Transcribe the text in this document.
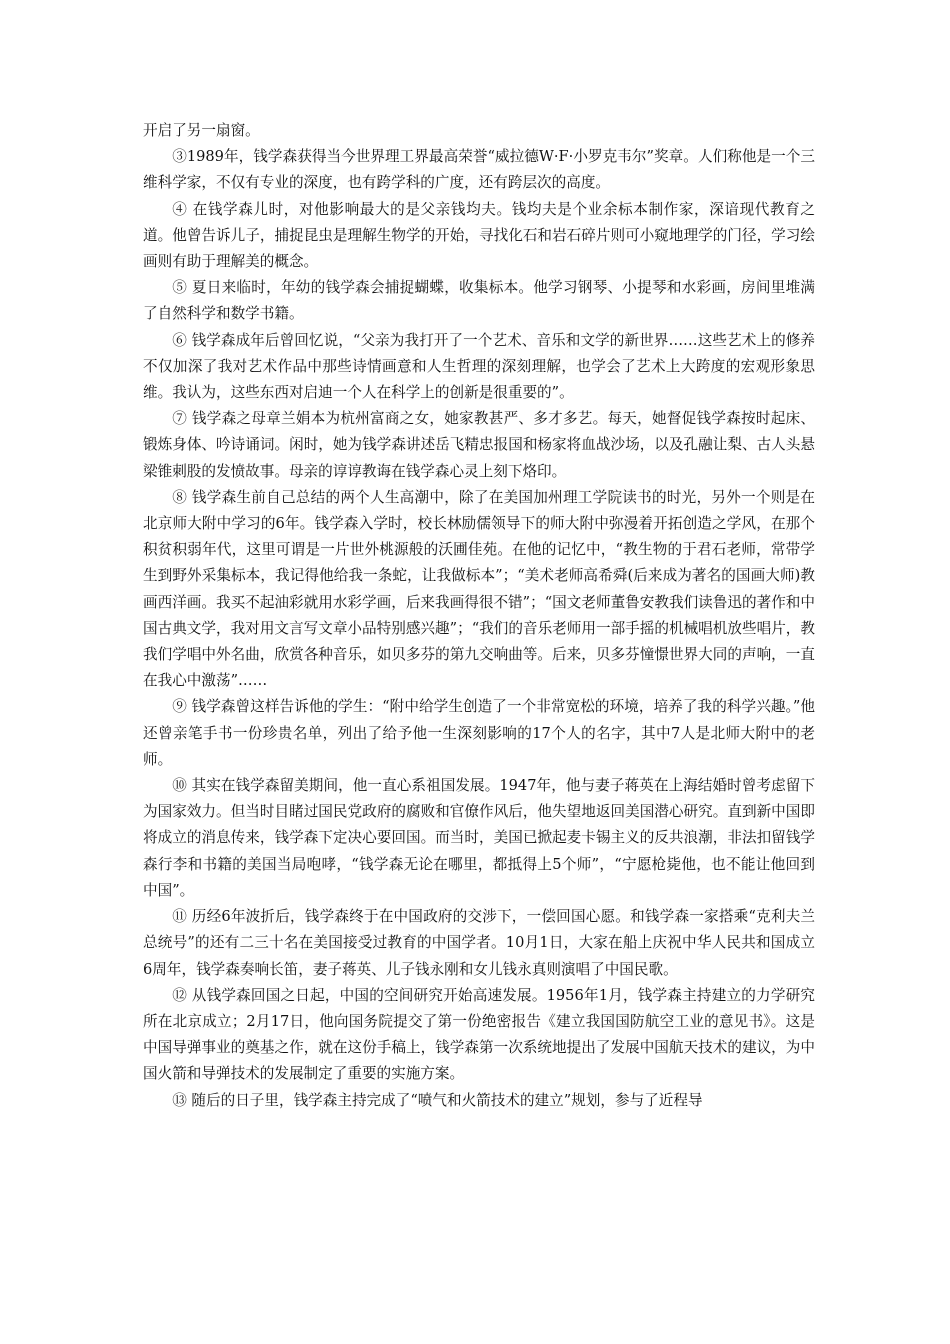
开启了另一扇窗。

③1989年，钱学森获得当今世界理工界最高荣誉“威拉德W·F·小罗克韦尔”奖章。人们称他是一个三维科学家，不仅有专业的深度，也有跨学科的广度，还有跨层次的高度。

④ 在钱学森儿时，对他影响最大的是父亲钱均夫。钱均夫是个业余标本制作家，深谙现代教育之道。他曾告诉儿子，捕捉昆虫是理解生物学的开始，寻找化石和岩石碎片则可小窥地理学的门径，学习绘画则有助于理解美的概念。

⑤ 夏日来临时，年幼的钱学森会捕捉蝴蝶，收集标本。他学习钢琴、小提琴和水彩画，房间里堆满了自然科学和数学书籍。

⑥ 钱学森成年后曾回忆说，“父亲为我打开了一个艺术、音乐和文学的新世界……这些艺术上的修养不仅加深了我对艺术作品中那些诗情画意和人生哲理的深刻理解，也学会了艺术上大跨度的宏观形象思维。我认为，这些东西对启迪一个人在科学上的创新是很重要的”。

⑦ 钱学森之母章兰娟本为杭州富商之女，她家教甚严、多才多艺。每天，她督促钱学森按时起床、锻炼身体、吟诗诵词。闲时，她为钱学森讲述岳飞精忠报国和杨家将血战沙场，以及孔融让梨、古人头悬梁锥刺股的发愤故事。母亲的谆谆教诲在钱学森心灵上刻下烙印。

⑧ 钱学森生前自己总结的两个人生高潮中，除了在美国加州理工学院读书的时光，另外一个则是在北京师大附中学习的6年。钱学森入学时，校长林励儒领导下的师大附中弥漫着开拓创造之学风，在那个积贫积弱年代，这里可谓是一片世外桃源般的沃圃佳苑。在他的记忆中，“教生物的于君石老师，常带学生到野外采集标本，我记得他给我一条蛇，让我做标本”；“美术老师高希舜(后来成为著名的国画大师)教画西洋画。我买不起油彩就用水彩学画，后来我画得很不错”；“国文老师董鲁安教我们读鲁迅的著作和中国古典文学，我对用文言写文章小品特别感兴趣”；“我们的音乐老师用一部手摇的机械唱机放些唱片，教我们学唱中外名曲，欣赏各种音乐，如贝多芬的第九交响曲等。后来，贝多芬憧憬世界大同的声响，一直在我心中激荡”……

⑨ 钱学森曾这样告诉他的学生：“附中给学生创造了一个非常宽松的环境，培养了我的科学兴趣。”他还曾亲笔手书一份珍贵名单，列出了给予他一生深刻影响的17个人的名字，其中7人是北师大附中的老师。

⑩ 其实在钱学森留美期间，他一直心系祖国发展。1947年，他与妻子蒋英在上海结婚时曾考虑留下为国家效力。但当时目睹过国民党政府的腐败和官僚作风后，他失望地返回美国潜心研究。直到新中国即将成立的消息传来，钱学森下定决心要回国。而当时，美国已掀起麦卡锡主义的反共浪潮，非法扣留钱学森行李和书籍的美国当局咆哮，“钱学森无论在哪里，都抵得上5个师”，“宁愿枪毙他，也不能让他回到中国”。

⑪ 历经6年波折后，钱学森终于在中国政府的交涉下，一偿回国心愿。和钱学森一家搭乘“克利夫兰总统号”的还有二三十名在美国接受过教育的中国学者。10月1日，大家在船上庆祝中华人民共和国成立6周年，钱学森奏响长笛，妻子蒋英、儿子钱永刚和女儿钱永真则演唱了中国民歌。

⑫ 从钱学森回国之日起，中国的空间研究开始高速发展。1956年1月，钱学森主持建立的力学研究所在北京成立；2月17日，他向国务院提交了第一份绝密报告《建立我国国防航空工业的意见书》。这是中国导弹事业的奠基之作，就在这份手稿上，钱学森第一次系统地提出了发展中国航天技术的建议，为中国火箭和导弹技术的发展制定了重要的实施方案。

⑬ 随后的日子里，钱学森主持完成了“喷气和火箭技术的建立”规划，参与了近程导
